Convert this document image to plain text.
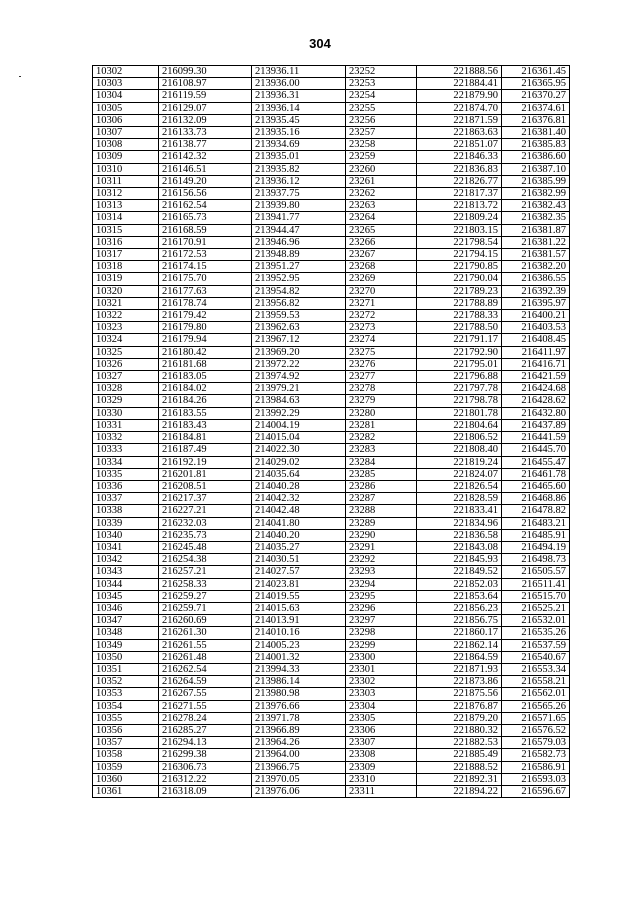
304
10302	216099.30	213936.11	23252	221888.56	216361.45
10303	216108.97	213936.00	23253	221884.41	216365.95
10304	216119.59	213936.31	23254	221879.90	216370.27
10305	216129.07	213936.14	23255	221874.70	216374.61
10306	216132.09	213935.45	23256	221871.59	216376.81
10307	216133.73	213935.16	23257	221863.63	216381.40
10308	216138.77	213934.69	23258	221851.07	216385.83
10309	216142.32	213935.01	23259	221846.33	216386.60
10310	216146.51	213935.82	23260	221836.83	216387.10
10311	216149.20	213936.12	23261	221826.77	216385.99
10312	216156.56	213937.75	23262	221817.37	216382.99
10313	216162.54	213939.80	23263	221813.72	216382.43
10314	216165.73	213941.77	23264	221809.24	216382.35
10315	216168.59	213944.47	23265	221803.15	216381.87
10316	216170.91	213946.96	23266	221798.54	216381.22
10317	216172.53	213948.89	23267	221794.15	216381.57
10318	216174.15	213951.27	23268	221790.85	216382.20
10319	216175.70	213952.95	23269	221790.04	216386.55
10320	216177.63	213954.82	23270	221789.23	216392.39
10321	216178.74	213956.82	23271	221788.89	216395.97
10322	216179.42	213959.53	23272	221788.33	216400.21
10323	216179.80	213962.63	23273	221788.50	216403.53
10324	216179.94	213967.12	23274	221791.17	216408.45
10325	216180.42	213969.20	23275	221792.90	216411.97
10326	216181.68	213972.22	23276	221795.01	216416.71
10327	216183.05	213974.92	23277	221796.88	216421.59
10328	216184.02	213979.21	23278	221797.78	216424.68
10329	216184.26	213984.63	23279	221798.78	216428.62
10330	216183.55	213992.29	23280	221801.78	216432.80
10331	216183.43	214004.19	23281	221804.64	216437.89
10332	216184.81	214015.04	23282	221806.52	216441.59
10333	216187.49	214022.30	23283	221808.40	216445.70
10334	216192.19	214029.02	23284	221819.24	216455.47
10335	216201.81	214035.64	23285	221824.07	216461.78
10336	216208.51	214040.28	23286	221826.54	216465.60
10337	216217.37	214042.32	23287	221828.59	216468.86
10338	216227.21	214042.48	23288	221833.41	216478.82
10339	216232.03	214041.80	23289	221834.96	216483.21
10340	216235.73	214040.20	23290	221836.58	216485.91
10341	216245.48	214035.27	23291	221843.08	216494.19
10342	216254.38	214030.51	23292	221845.93	216498.73
10343	216257.21	214027.57	23293	221849.52	216505.57
10344	216258.33	214023.81	23294	221852.03	216511.41
10345	216259.27	214019.55	23295	221853.64	216515.70
10346	216259.71	214015.63	23296	221856.23	216525.21
10347	216260.69	214013.91	23297	221856.75	216532.01
10348	216261.30	214010.16	23298	221860.17	216535.26
10349	216261.55	214005.23	23299	221862.14	216537.59
10350	216261.48	214001.32	23300	221864.59	216540.67
10351	216262.54	213994.33	23301	221871.93	216553.34
10352	216264.59	213986.14	23302	221873.86	216558.21
10353	216267.55	213980.98	23303	221875.56	216562.01
10354	216271.55	213976.66	23304	221876.87	216565.26
10355	216278.24	213971.78	23305	221879.20	216571.65
10356	216285.27	213966.89	23306	221880.32	216576.52
10357	216294.13	213964.26	23307	221882.53	216579.03
10358	216299.38	213964.00	23308	221885.49	216582.73
10359	216306.73	213966.75	23309	221888.52	216586.91
10360	216312.22	213970.05	23310	221892.31	216593.03
10361	216318.09	213976.06	23311	221894.22	216596.67
